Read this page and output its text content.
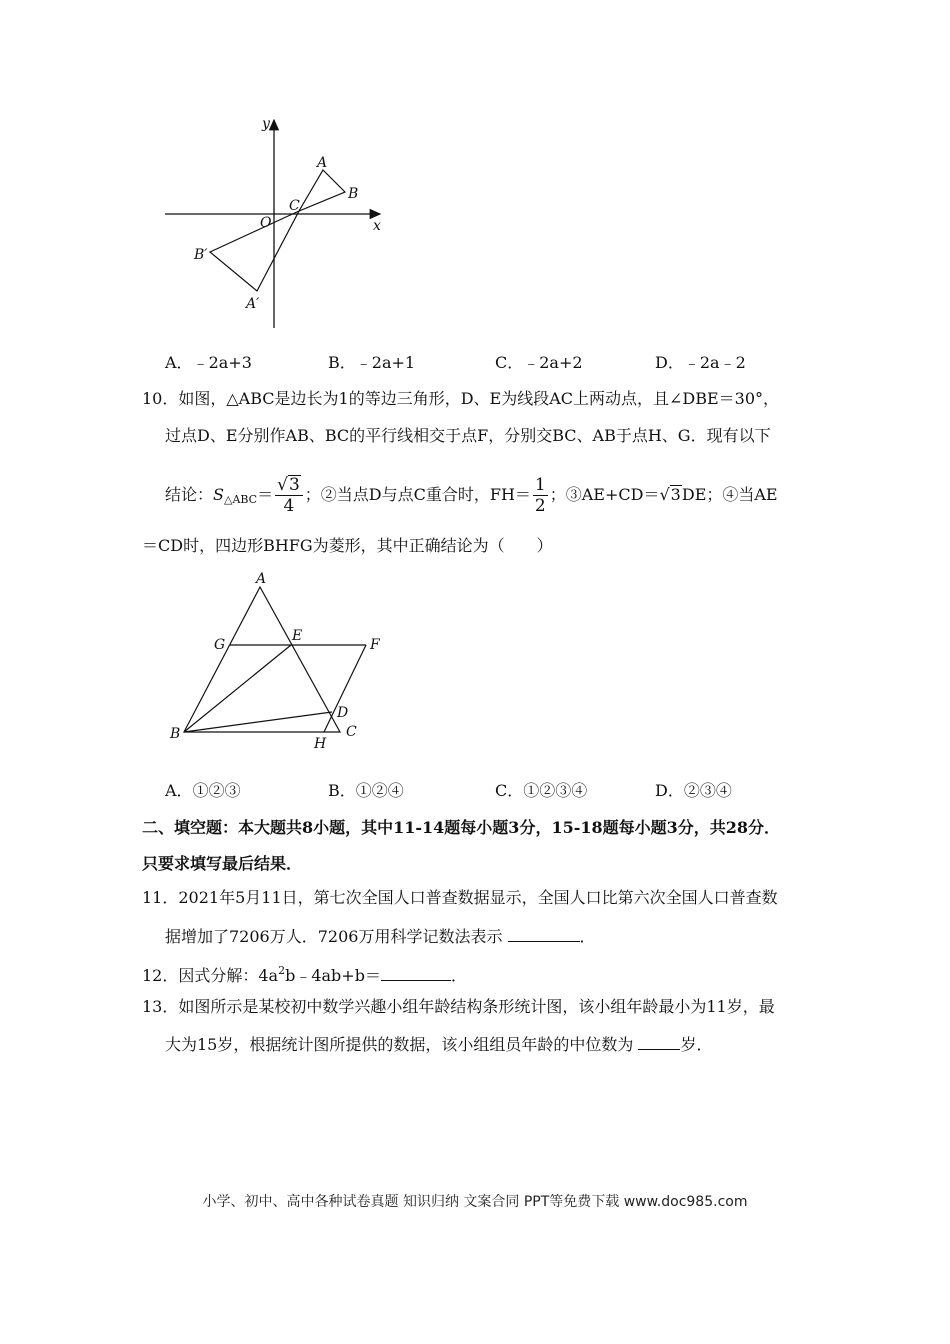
x
y
O
A
B
C
A′
B′
A．﹣2a+3	B．﹣2a+1	C．﹣2a+2	D．﹣2a﹣2
10．如图，△ABC是边长为1的等边三角形，D、E为线段AC上两动点，且∠DBE＝30°，
过点D、E分别作AB、BC的平行线相交于点F，分别交BC、AB于点H、G．现有以下
结论：$S_{\triangle ABC}= \frac{√3}{4}$ ；②当点D与点C重合时，$FH= \frac{1}{2}$ ；③AE+CD＝√3DE；④当AE
＝CD时，四边形BHFG为菱形，其中正确结论为（　　）
A
G
E
F
D
B
H
C
A．①②③	B．①②④	C．①②③④	D．②③④
二、填空题：本大题共8小题，其中11-14题每小题3分，15-18题每小题3分，共28分．
只要求填写最后结果．
11．2021年5月11日，第七次全国人口普查数据显示，全国人口比第六次全国人口普查数
据增加了7206万人．7206万用科学记数法表示	．
12．因式分解：$4a^2b﹣4ab+b=$	．
13．如图所示是某校初中数学兴趣小组年龄结构条形统计图，该小组年龄最小为11岁，最
大为15岁，根据统计图所提供的数据，该小组组员年龄的中位数为	岁．
小学、初中、高中各种试卷真题 知识归纳 文案合同 PPT等免费下载 www.doc985.com
